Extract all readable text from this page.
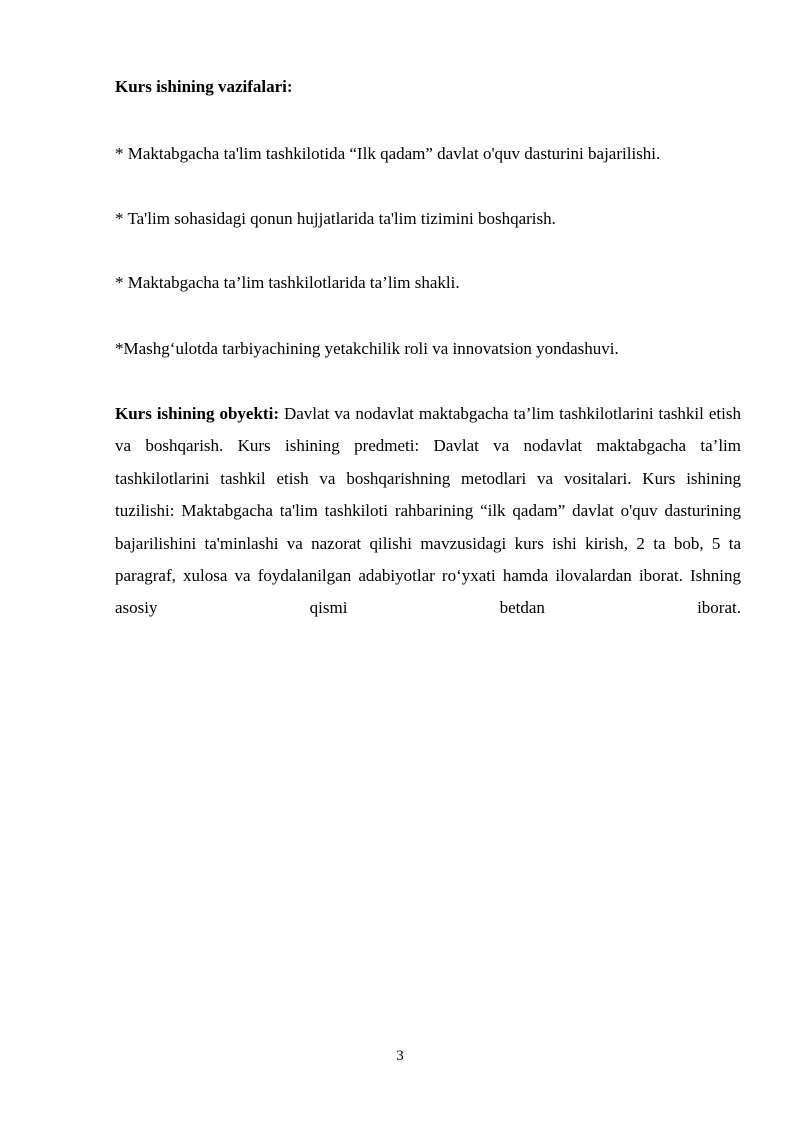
Kurs ishining vazifalari:
* Maktabgacha ta'lim tashkilotida “Ilk qadam” davlat o'quv dasturini bajarilishi.
* Ta'lim sohasidagi qonun hujjatlarida ta'lim tizimini boshqarish.
* Maktabgacha ta’lim tashkilotlarida ta’lim shakli.
*Mashg‘ulotda tarbiyachining yetakchilik roli va innovatsion yondashuvi.
Kurs ishining obyekti: Davlat va nodavlat maktabgacha ta’lim tashkilotlarini tashkil etish va boshqarish. Kurs ishining predmeti: Davlat va nodavlat maktabgacha ta’lim tashkilotlarini tashkil etish va boshqarishning metodlari va vositalari. Kurs ishining tuzilishi: Maktabgacha ta'lim tashkiloti rahbarining “ilk qadam” davlat o'quv dasturining bajarilishini ta'minlashi va nazorat qilishi mavzusidagi kurs ishi kirish, 2 ta bob, 5 ta paragraf, xulosa va foydalanilgan adabiyotlar ro‘yxati hamda ilovalardan iborat. Ishning asosiy qismi betdan iborat.
3
